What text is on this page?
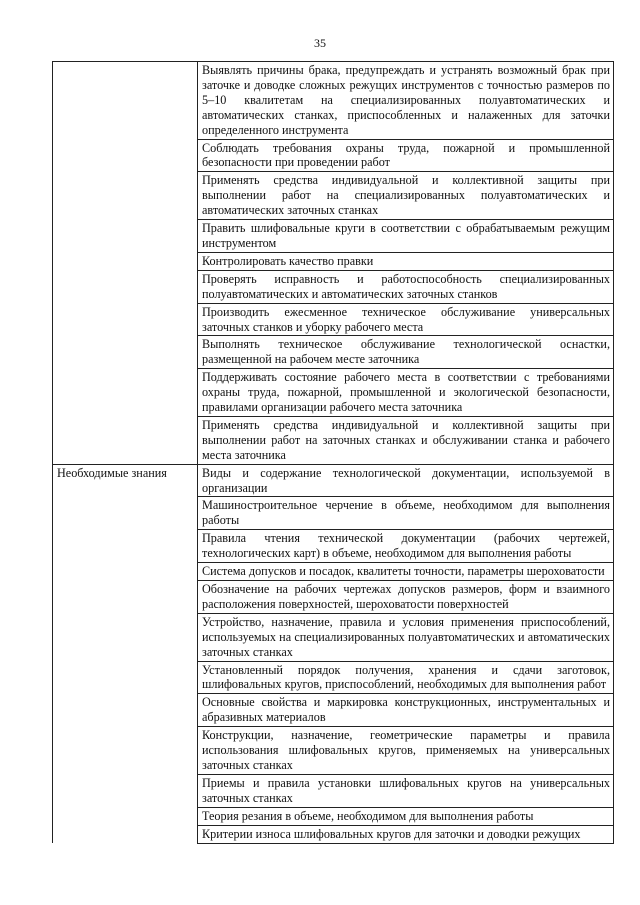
35
	Выявлять причины брака, предупреждать и устранять возможный брак при заточке и доводке сложных режущих инструментов с точностью размеров по 5–10 квалитетам на специализированных полуавтоматических и автоматических станках, приспособленных и налаженных для заточки определенного инструмента
	Соблюдать требования охраны труда, пожарной и промышленной безопасности при проведении работ
	Применять средства индивидуальной и коллективной защиты при выполнении работ на специализированных полуавтоматических и автоматических заточных станках
	Править шлифовальные круги в соответствии с обрабатываемым режущим инструментом
	Контролировать качество правки
	Проверять исправность и работоспособность специализированных полуавтоматических и автоматических заточных станков
	Производить ежесменное техническое обслуживание универсальных заточных станков и уборку рабочего места
	Выполнять техническое обслуживание технологической оснастки, размещенной на рабочем месте заточника
	Поддерживать состояние рабочего места в соответствии с требованиями охраны труда, пожарной, промышленной и экологической безопасности, правилами организации рабочего места заточника
	Применять средства индивидуальной и коллективной защиты при выполнении работ на заточных станках и обслуживании станка и рабочего места заточника
Необходимые знания	Виды и содержание технологической документации, используемой в организации
	Машиностроительное черчение в объеме, необходимом для выполнения работы
	Правила чтения технической документации (рабочих чертежей, технологических карт) в объеме, необходимом для выполнения работы
	Система допусков и посадок, квалитеты точности, параметры шероховатости
	Обозначение на рабочих чертежах допусков размеров, форм и взаимного расположения поверхностей, шероховатости поверхностей
	Устройство, назначение, правила и условия применения приспособлений, используемых на специализированных полуавтоматических и автоматических заточных станках
	Установленный порядок получения, хранения и сдачи заготовок, шлифовальных кругов, приспособлений, необходимых для выполнения работ
	Основные свойства и маркировка конструкционных, инструментальных и абразивных материалов
	Конструкции, назначение, геометрические параметры и правила использования шлифовальных кругов, применяемых на универсальных заточных станках
	Приемы и правила установки шлифовальных кругов на универсальных заточных станках
	Теория резания в объеме, необходимом для выполнения работы
	Критерии износа шлифовальных кругов для заточки и доводки режущих
